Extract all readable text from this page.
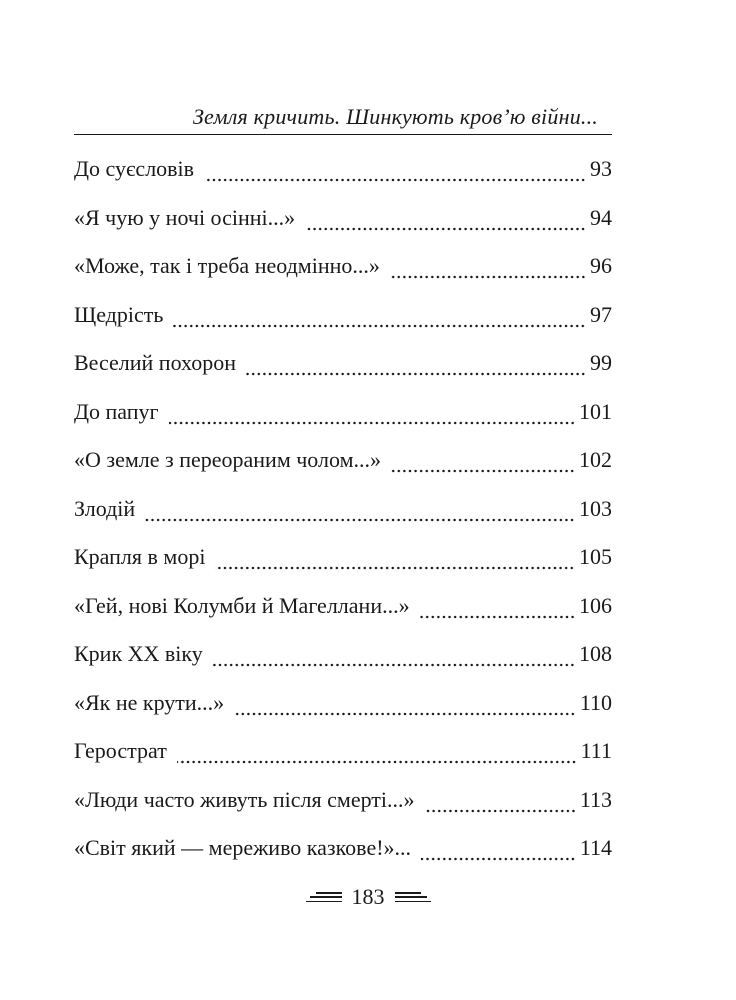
Земля кричить. Шинкують кров’ю війни...
До суєсловів	93
«Я чую у ночі осінні...»	94
«Може, так і треба неодмінно...»	96
Щедрість	97
Веселий похорон	99
До папуг	101
«О земле з переораним чолом...»	102
Злодій	103
Крапля в морі	105
«Гей, нові Колумби й Магеллани...»	106
Крик ХХ віку	108
«Як не крути...»	110
Герострат	111
«Люди часто живуть після смерті...»	113
«Світ який — мереживо казкове!»...	114
183
